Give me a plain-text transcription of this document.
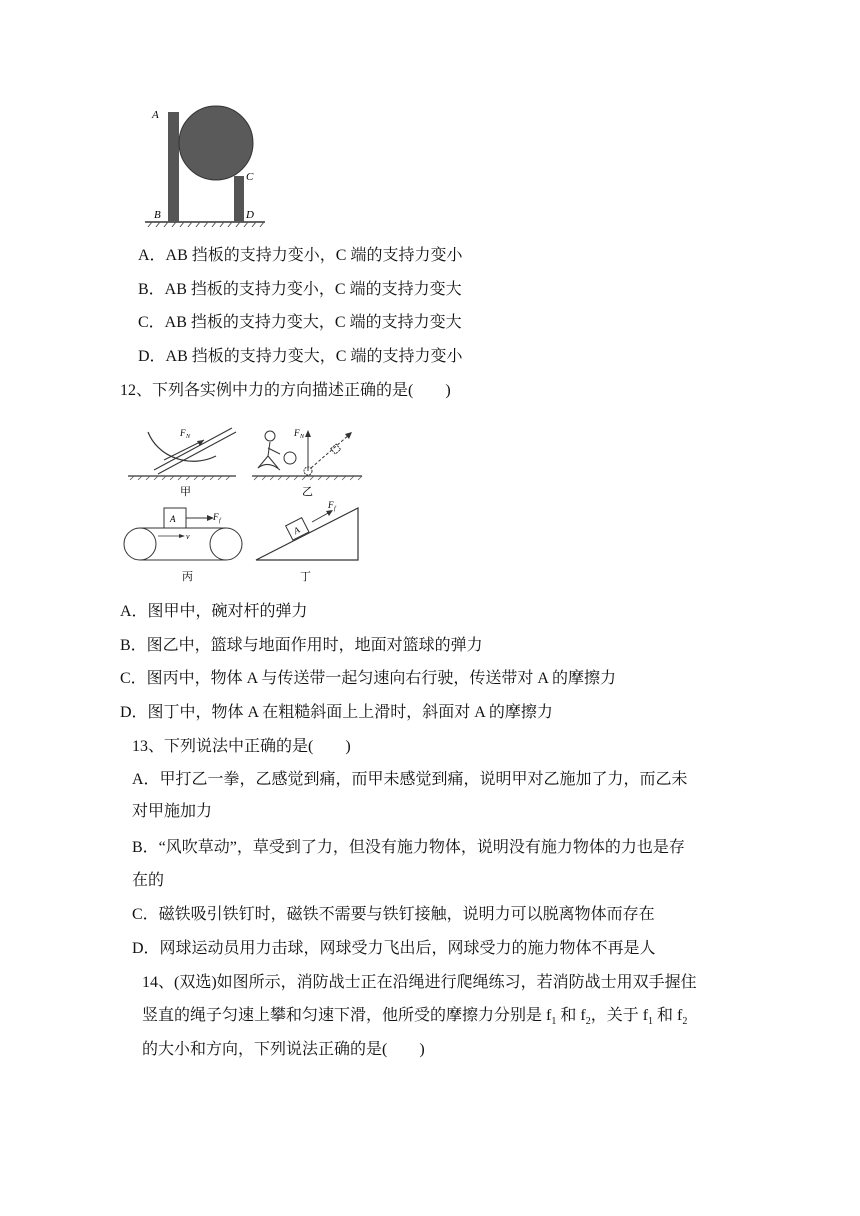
A
B
C
D
A．AB 挡板的支持力变小，C 端的支持力变小
B．AB 挡板的支持力变小，C 端的支持力变大
C．AB 挡板的支持力变大，C 端的支持力变大
D．AB 挡板的支持力变大，C 端的支持力变小
12、下列各实例中力的方向描述正确的是(　　)
F N
甲
F N
乙
A	F f
v
丙
A
F f
丁
A．图甲中，碗对杆的弹力
B．图乙中，篮球与地面作用时，地面对篮球的弹力
C．图丙中，物体 A 与传送带一起匀速向右行驶，传送带对 A 的摩擦力
D．图丁中，物体 A 在粗糙斜面上上滑时，斜面对 A 的摩擦力
13、下列说法中正确的是(　　)
A．甲打乙一拳，乙感觉到痛，而甲未感觉到痛，说明甲对乙施加了力，而乙未
对甲施加力
B．“风吹草动”，草受到了力，但没有施力物体，说明没有施力物体的力也是存
在的
C．磁铁吸引铁钉时，磁铁不需要与铁钉接触，说明力可以脱离物体而存在
D．网球运动员用力击球，网球受力飞出后，网球受力的施力物体不再是人
14、(双选)如图所示，消防战士正在沿绳进行爬绳练习，若消防战士用双手握住
竖直的绳子匀速上攀和匀速下滑，他所受的摩擦力分别是 $f_1$ 和 $f_2$，关于 $f_1$ 和 $f_2$
的大小和方向，下列说法正确的是(　　)
